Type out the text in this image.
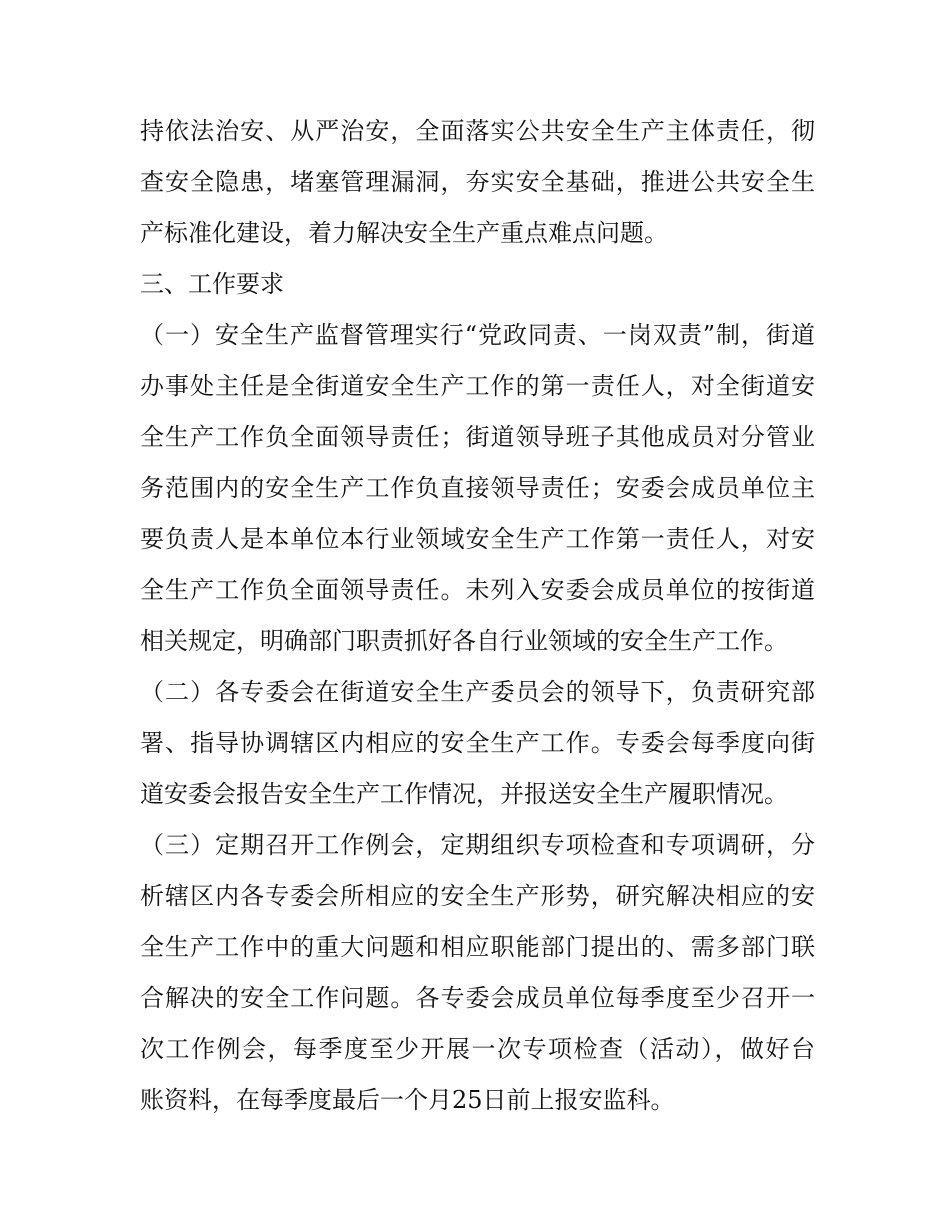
持依法治安、从严治安，全面落实公共安全生产主体责任，彻
查安全隐患，堵塞管理漏洞，夯实安全基础，推进公共安全生
产标准化建设，着力解决安全生产重点难点问题。
三、工作要求
（一）安全生产监督管理实行“党政同责、一岗双责”制，街道
办事处主任是全街道安全生产工作的第一责任人，对全街道安
全生产工作负全面领导责任；街道领导班子其他成员对分管业
务范围内的安全生产工作负直接领导责任；安委会成员单位主
要负责人是本单位本行业领域安全生产工作第一责任人，对安
全生产工作负全面领导责任。未列入安委会成员单位的按街道
相关规定，明确部门职责抓好各自行业领域的安全生产工作。
（二）各专委会在街道安全生产委员会的领导下，负责研究部
署、指导协调辖区内相应的安全生产工作。专委会每季度向街
道安委会报告安全生产工作情况，并报送安全生产履职情况。
（三）定期召开工作例会，定期组织专项检查和专项调研，分
析辖区内各专委会所相应的安全生产形势，研究解决相应的安
全生产工作中的重大问题和相应职能部门提出的、需多部门联
合解决的安全工作问题。各专委会成员单位每季度至少召开一
次工作例会，每季度至少开展一次专项检查（活动），做好台
账资料，在每季度最后一个月25日前上报安监科。
